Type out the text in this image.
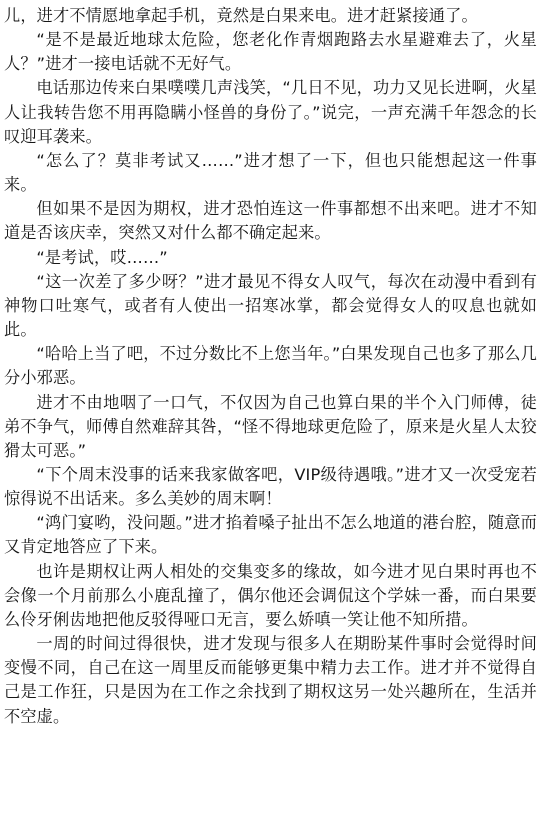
儿，进才不情愿地拿起手机，竟然是白果来电。进才赶紧接通了。

“是不是最近地球太危险，您老化作青烟跑路去水星避难去了，火星人？”进才一接电话就不无好气。

电话那边传来白果噗噗几声浅笑，“几日不见，功力又见长进啊，火星人让我转告您不用再隐瞒小怪兽的身份了。”说完，一声充满千年怨念的长叹迎耳袭来。

“怎么了？莫非考试又……”进才想了一下，但也只能想起这一件事来。

但如果不是因为期权，进才恐怕连这一件事都想不出来吧。进才不知道是否该庆幸，突然又对什么都不确定起来。

“是考试，哎……”

“这一次差了多少呀？”进才最见不得女人叹气，每次在动漫中看到有神物口吐寒气，或者有人使出一招寒冰掌，都会觉得女人的叹息也就如此。

“哈哈上当了吧，不过分数比不上您当年。”白果发现自己也多了那么几分小邪恶。

进才不由地咽了一口气，不仅因为自己也算白果的半个入门师傅，徒弟不争气，师傅自然难辞其咎，“怪不得地球更危险了，原来是火星人太狡猾太可恶。”

“下个周末没事的话来我家做客吧，VIP级待遇哦。”进才又一次受宠若惊得说不出话来。多么美妙的周末啊！

“鸿门宴哟，没问题。”进才掐着嗓子扯出不怎么地道的港台腔，随意而又肯定地答应了下来。

也许是期权让两人相处的交集变多的缘故，如今进才见白果时再也不会像一个月前那么小鹿乱撞了，偶尔他还会调侃这个学妹一番，而白果要么伶牙俐齿地把他反驳得哑口无言，要么娇嗔一笑让他不知所措。

一周的时间过得很快，进才发现与很多人在期盼某件事时会觉得时间变慢不同，自己在这一周里反而能够更集中精力去工作。进才并不觉得自己是工作狂，只是因为在工作之余找到了期权这另一处兴趣所在，生活并不空虚。
